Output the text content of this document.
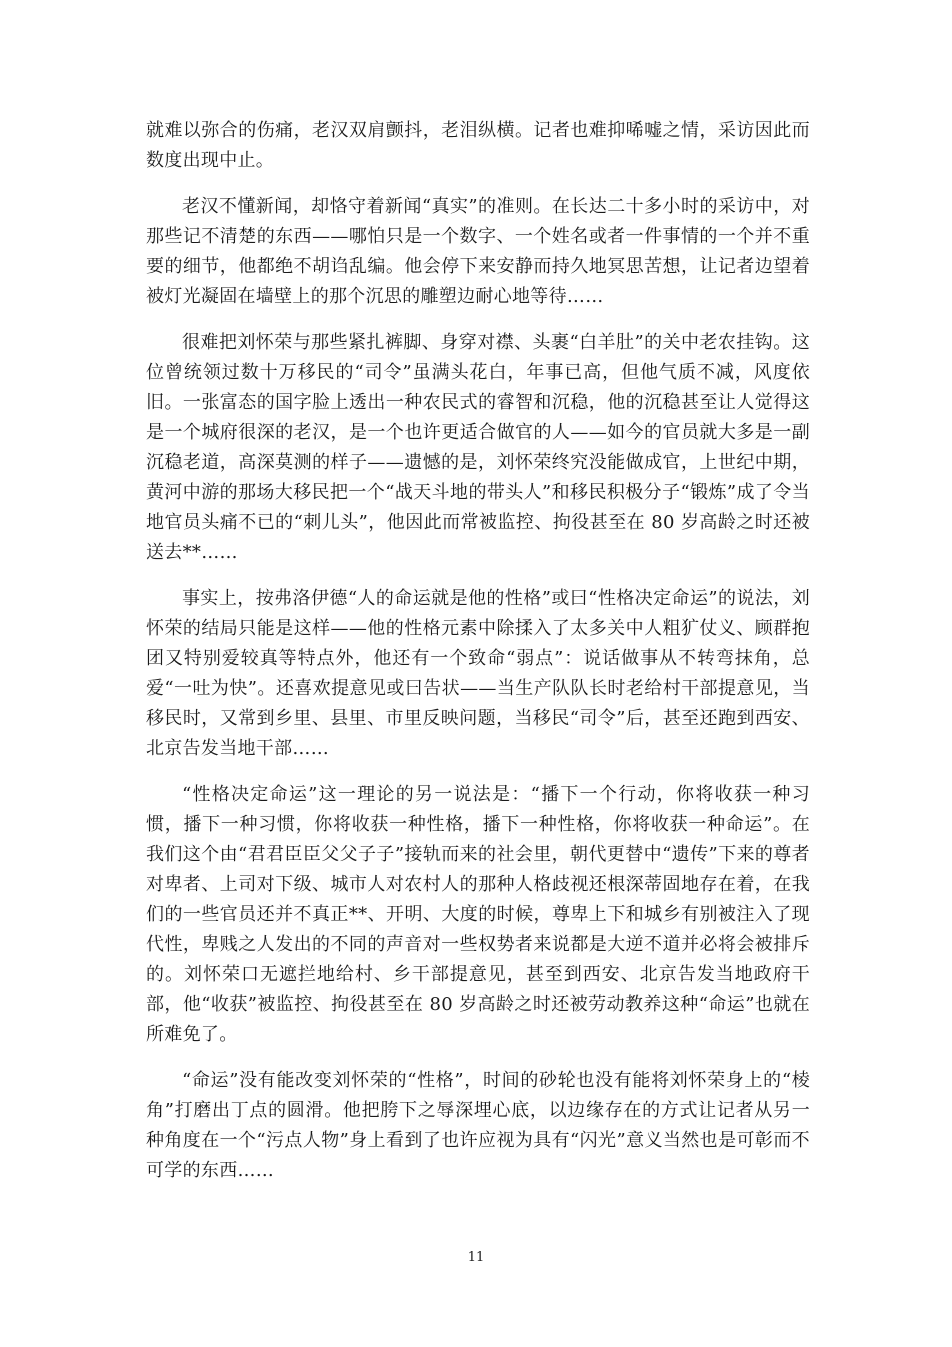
就难以弥合的伤痛，老汉双肩颤抖，老泪纵横。记者也难抑唏嘘之情，采访因此而数度出现中止。

老汉不懂新闻，却恪守着新闻“真实”的准则。在长达二十多小时的采访中，对那些记不清楚的东西——哪怕只是一个数字、一个姓名或者一件事情的一个并不重要的细节，他都绝不胡诌乱编。他会停下来安静而持久地冥思苦想，让记者边望着被灯光凝固在墙壁上的那个沉思的雕塑边耐心地等待……

很难把刘怀荣与那些紧扎裤脚、身穿对襟、头裹“白羊肚”的关中老农挂钩。这位曾统领过数十万移民的“司令”虽满头花白，年事已高，但他气质不减，风度依旧。一张富态的国字脸上透出一种农民式的睿智和沉稳，他的沉稳甚至让人觉得这是一个城府很深的老汉，是一个也许更适合做官的人——如今的官员就大多是一副沉稳老道，高深莫测的样子——遗憾的是，刘怀荣终究没能做成官，上世纪中期，黄河中游的那场大移民把一个“战天斗地的带头人”和移民积极分子“锻炼”成了令当地官员头痛不已的“刺儿头”，他因此而常被监控、拘役甚至在 80 岁高龄之时还被送去**……

事实上，按弗洛伊德“人的命运就是他的性格”或曰“性格决定命运”的说法，刘怀荣的结局只能是这样——他的性格元素中除揉入了太多关中人粗犷仗义、顾群抱团又特别爱较真等特点外，他还有一个致命“弱点”：说话做事从不转弯抹角，总爱“一吐为快”。还喜欢提意见或曰告状——当生产队队长时老给村干部提意见，当移民时，又常到乡里、县里、市里反映问题，当移民“司令”后，甚至还跑到西安、北京告发当地干部……

“性格决定命运”这一理论的另一说法是：“播下一个行动，你将收获一种习惯，播下一种习惯，你将收获一种性格，播下一种性格，你将收获一种命运”。在我们这个由“君君臣臣父父子子”接轨而来的社会里，朝代更替中“遗传”下来的尊者对卑者、上司对下级、城市人对农村人的那种人格歧视还根深蒂固地存在着，在我们的一些官员还并不真正**、开明、大度的时候，尊卑上下和城乡有别被注入了现代性，卑贱之人发出的不同的声音对一些权势者来说都是大逆不道并必将会被排斥的。刘怀荣口无遮拦地给村、乡干部提意见，甚至到西安、北京告发当地政府干部，他“收获”被监控、拘役甚至在 80 岁高龄之时还被劳动教养这种“命运”也就在所难免了。

“命运”没有能改变刘怀荣的“性格”，时间的砂轮也没有能将刘怀荣身上的“棱角”打磨出丁点的圆滑。他把胯下之辱深埋心底，以边缘存在的方式让记者从另一种角度在一个“污点人物”身上看到了也许应视为具有“闪光”意义当然也是可彰而不可学的东西……

11
